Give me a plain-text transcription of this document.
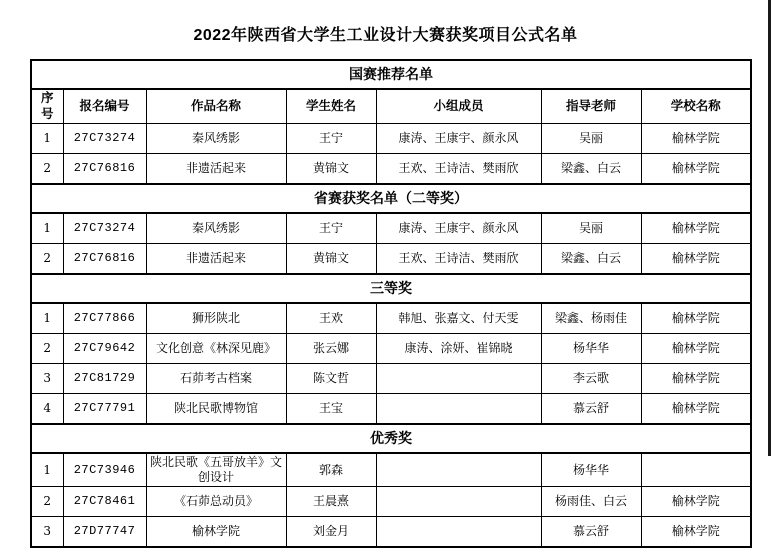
2022年陕西省大学生工业设计大赛获奖项目公式名单
国赛推荐名单						
序号	报名编号	作品名称	学生姓名	小组成员	指导老师	学校名称
1	27C73274	秦风绣影	王宁	康涛、王康宇、颜永风	吴丽	榆林学院
2	27C76816	非遗活起来	黄锦文	王欢、王诗洁、樊雨欣	梁鑫、白云	榆林学院
省赛获奖名单（二等奖）						
1	27C73274	秦风绣影	王宁	康涛、王康宇、颜永风	吴丽	榆林学院
2	27C76816	非遗活起来	黄锦文	王欢、王诗洁、樊雨欣	梁鑫、白云	榆林学院
三等奖						
1	27C77866	狮形陕北	王欢	韩旭、张嘉文、付天雯	梁鑫、杨雨佳	榆林学院
2	27C79642	文化创意《林深见鹿》	张云娜	康涛、涂妍、崔锦晓	杨华华	榆林学院
3	27C81729	石茆考古档案	陈文哲		李云歌	榆林学院
4	27C77791	陕北民歌博物馆	王宝		慕云舒	榆林学院
优秀奖						
1	27C73946	陕北民歌《五哥放羊》文创设计	郭森		杨华华	
2	27C78461	《石茆总动员》	王晨熹		杨雨佳、白云	榆林学院
3	27D77747	榆林学院	刘金月		慕云舒	榆林学院
